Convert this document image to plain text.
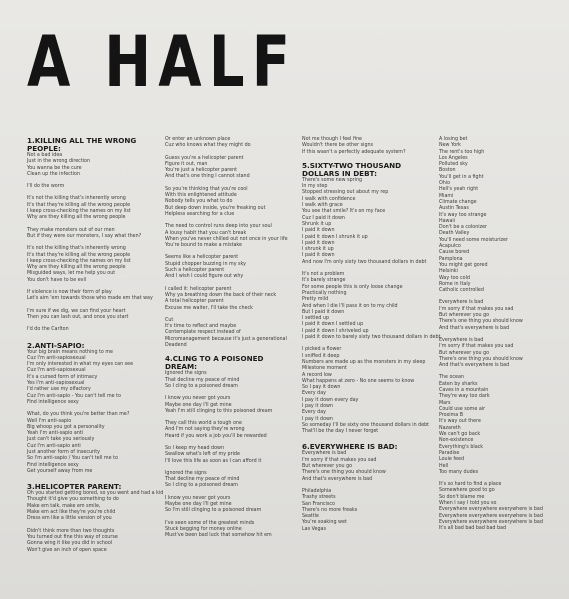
A HALF
1.KILLING ALL THE WRONG PEOPLE:
Not a bad idea
Just in the wrong direction
You wanna be the cure
Clean up the infection
I'll do the worm
It's not the killing that's inherently wrong
It's that they're killing all the wrong people
I keep cross-checking the names on my list
Why are they killing all the wrong people
They make monsters out of our men
But if they were our monsters, I say what then?
It's not the killing that's inherently wrong
It's that they're killing all the wrong people
I keep cross-checking the names on my list
Why are they killing all the wrong people
Misguided ways, let me help you out
You don't have to be evil
If violence is now their form of play
Let's aim 'em towards those who made em that way
I'm sure if we dig, we can find your heart
Then you can lash out, and once you start
I'd do the Carlton
2.ANTI-SAPIO:
Your big brain means nothing to me
Cuz I'm anti-sapiosexual
I'm only interested in what my eyes can see
Cuz I'm anti-sapiosexual
It's a cursed form of intimacy
Yes I'm anti-sapiosexual
I'd rather use my olfactory
Cuz I'm anti-sapio - You can't tell me to
Find intelligence sexy
What, do you think you're better than me?
Well I'm anti-sapio
Big whoop you got a personality
Yeah I'm anti-sapio anti
Just can't take you seriously
Cuz I'm anti-sapio anti
Just another form of insecurity
So I'm anti-sapio / You can't tell me to
Find intelligence sexy
Get yourself away from me
3.HELICOPTER PARENT:
Oh you started getting bored, so you went and had a kid
Thought it'd give you something to do
Make em talk, make em smile,
Make em act like they're you're child
Dress em like a little version of you
Didn't think more than two thoughts
You turned out fine this way of course
Gonna wing it like you did in school
Won't give an inch of open space
Or enter an unknown place
Cuz who knows what they might do
Guess you're a helicopter parent
Figure it out, man
You're just a helicopter parent
And that's one thing I cannot stand
So you're thinking that you're cool
With this enlightened attitude
Nobody tells you what to do
But deep down inside, you're freaking out
Helpless searching for a clue
The need to control runs deep into your soul
A lousy habit that you can't break
When you've never chilled out not once in your life
You're bound to make a mistake
Seems like a helicopter parent
Stupid chopper buzzing in my sky
Such a helicopter parent
And I wish I could figure out why
I called it: helicopter parent
Why ya breathing down the back of their neck
A total helicopter parent
Excuse me waiter, I'll take the check
Cut
It's time to reflect and maybe
Contemplate respect instead of
Micromanagement because it's just a generational
Deadend
4.CLING TO A POISONED DREAM:
Ignored the signs
That decline my peace of mind
So I cling to a poisoned dream
I know you never got yours
Maybe one day I'll get mine
Yeah I'm still clinging to this poisoned dream
They call this world a tough one
And I'm not saying they're wrong
Heard if you work a job you'll be rewarded
So I keep my head down
Swallow what's left of my pride
I'll love this life as soon as I can afford it
Ignored the signs
That decline my peace of mind
So I cling to a poisoned dream
I know you never got yours
Maybe one day I'll get mine
So I'm still clinging to a poisoned dream
I've seen some of the greatest minds
Stuck begging for money online
Must've been bad luck that somehow hit em
Not me though I feel fine
Wouldn't there be other signs
If this wasn't a perfectly adequate system?
5.SIXTY-TWO THOUSAND DOLLARS IN DEBT:
There's some new spring
In my step
Stopped stressing out about my rep
I walk with confidence
I walk with grace
You see that smile? It's on my face
Cuz I paid it down
Shrunk it up
I paid it down
I paid it down I shrunk it up
I paid it down
I shrunk it up
I paid it down
And now I'm only sixty two thousand dollars in debt
It's not a problem
It's barely strange
For some people this is only loose change
Practically nothing
Pretty mild
And when I die I'll pass it on to my child
But I paid it down
I settled up
I paid it down I settled up
I paid it down I shriveled up
I paid it down to barely sixty two thousand dollars in debt
I picked a flower
I sniffed it deep
Numbers are made up as the monsters in my sleep
Milestone moment
A record low
What happens at zero - No one seems to know
So I pay it down
Every day
I pay it down every day
I pay it down
Every day
I pay it down
So someday I'll be sixty one thousand dollars in debt
That'll be the day I never forget
6.EVERYWHERE IS BAD:
Everywhere is bad
I'm sorry if that makes you sad
But wherever you go
There's one thing you should know
And that's everywhere is bad
Philadelphia
Trashy streets
San Francisco
There's no more freaks
Seattle
You're soaking wet
Las Vegas
A losing bet
New York
The rent's too high
Los Angeles
Polluted sky
Boston
You'll get in a fight
Ohio
Hell's yeah right
Miami
Climate change
Austin Texas
It's way too strange
Hawaii
Don't be a colonizer
Death Valley
You'll need some moisturizer
Acapulco
Cause bored
Pamplona
You might get gored
Helsinki
Way too cold
Rome in Italy
Catholic controlled
Everywhere is bad
I'm sorry if that makes you sad
But wherever you go
There's one thing you should know
And that's everywhere is bad
Everywhere is bad
I'm sorry if that makes you sad
But wherever you go
There's one thing you should know
And that's everywhere is bad
The ocean
Eaten by sharks
Caves in a mountain
They're way too dark
Mars
Could use some air
Proxima B
It's way out there
Nazareth
We can't go back
Non-existence
Everything's black
Paradise
Louie feed
Hell
Too many dudes
It's so hard to find a place
Somewhere good to go
So don't blame me
When I say I told you so
Everywhere everywhere everywhere is bad
Everywhere everywhere everywhere is bad
Everywhere everywhere everywhere is bad
It's all bad bad bad bad bad
